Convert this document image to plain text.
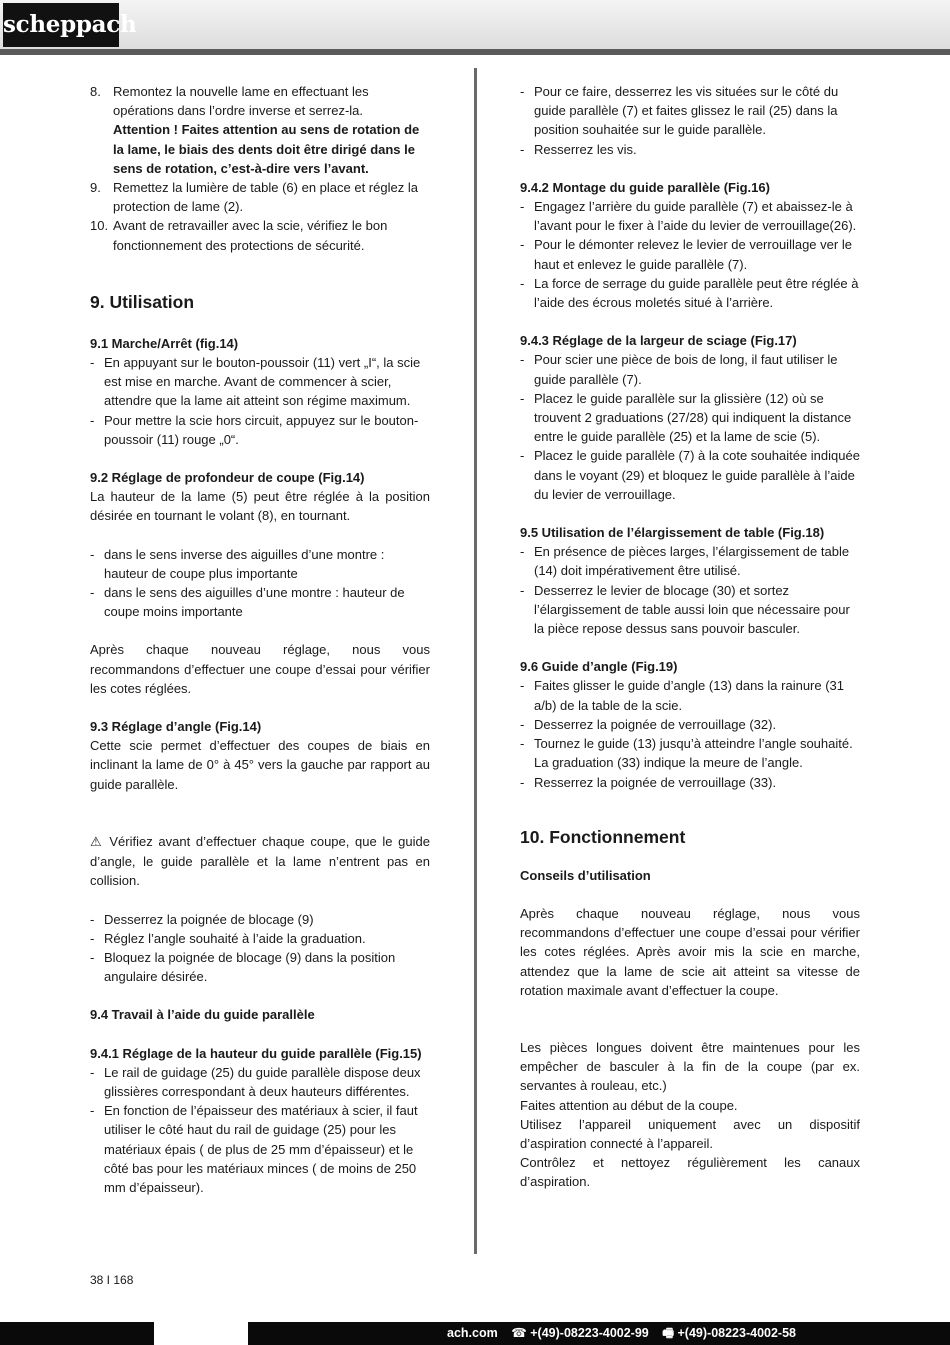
scheppach
8. Remontez la nouvelle lame en effectuant les opérations dans l’ordre inverse et serrez-la.
Attention ! Faites attention au sens de rotation de la lame, le biais des dents doit être dirigé dans le sens de rotation, c’est-à-dire vers l’avant.
9. Remettez la lumière de table (6) en place et réglez la protection de lame (2).
10. Avant de retravailler avec la scie, vérifiez le bon fonctionnement des protections de sécurité.
9. Utilisation
9.1 Marche/Arrêt (fig.14)
- En appuyant sur le bouton-poussoir (11) vert „I“, la scie est mise en marche. Avant de commencer à scier, attendre que la lame ait atteint son régime maximum.
- Pour mettre la scie hors circuit, appuyez sur le bouton-poussoir (11) rouge „0“.
9.2 Réglage de profondeur de coupe (Fig.14)

La hauteur de la lame (5) peut être réglée à la position désirée en tournant le volant (8), en tournant.

- dans le sens inverse des aiguilles d’une montre : hauteur de coupe plus importante
- dans le sens des aiguilles d’une montre : hauteur de coupe moins importante

Après chaque nouveau réglage, nous vous recommandons d’effectuer une coupe d’essai pour vérifier les cotes réglées.

9.3 Réglage d’angle (Fig.14)

Cette scie permet d’effectuer des coupes de biais en inclinant la lame de 0° à 45° vers la gauche par rapport au guide parallèle.

⚠ Vérifiez avant d’effectuer chaque coupe, que le guide d’angle, le guide parallèle et la lame n’entrent pas en collision.

- Desserrez la poignée de blocage (9)
- Réglez l’angle souhaité à l’aide la graduation.
- Bloquez la poignée de blocage (9) dans la position angulaire désirée.
9.4 Travail à l’aide du guide parallèle
9.4.1 Réglage de la hauteur du guide parallèle (Fig.15)
- Le rail de guidage (25) du guide parallèle dispose deux glissières correspondant à deux hauteurs différentes.
- En fonction de l’épaisseur des matériaux à scier, il faut utiliser le côté haut du rail de guidage (25) pour les matériaux épais ( de plus de 25 mm d’épaisseur) et le côté bas pour les matériaux minces ( de moins de 250 mm d’épaisseur).
- Pour ce faire, desserrez les vis situées sur le côté du guide parallèle (7) et faites glissez le rail (25) dans la position souhaitée sur le guide parallèle.
- Resserrez les vis.
9.4.2 Montage du guide parallèle (Fig.16)
- Engagez l’arrière du guide parallèle (7) et abaissez-le à l’avant pour le fixer à l’aide du levier de verrouillage(26).
- Pour le démonter relevez le levier de verrouillage ver le haut et enlevez le guide parallèle (7).
- La force de serrage du guide parallèle peut être réglée à l’aide des écrous moletés situé à l’arrière.
9.4.3 Réglage de la largeur de sciage (Fig.17)
- Pour scier une pièce de bois de long, il faut utiliser le guide parallèle (7).
- Placez le guide parallèle sur la glissière (12) où se trouvent 2 graduations (27/28) qui indiquent la distance entre le guide parallèle (25) et la lame de scie (5).
- Placez le guide parallèle (7) à la cote souhaitée indiquée dans le voyant (29) et bloquez le guide parallèle à l’aide du levier de verrouillage.
9.5 Utilisation de l’élargissement de table (Fig.18)
- En présence de pièces larges, l’élargissement de table (14) doit impérativement être utilisé.
- Desserrez le levier de blocage (30) et sortez l’élargissement de table aussi loin que nécessaire pour la pièce repose dessus sans pouvoir basculer.
9.6 Guide d’angle (Fig.19)
- Faites glisser le guide d’angle (13) dans la rainure (31 a/b) de la table de la scie.
- Desserrez la poignée de verrouillage (32).
- Tournez le guide (13) jusqu’à atteindre l’angle souhaité. La graduation (33) indique la meure de l’angle.
- Resserrez la poignée de verrouillage (33).
10. Fonctionnement
Conseils d’utilisation

Après chaque nouveau réglage, nous vous recommandons d’effectuer une coupe d’essai pour vérifier les cotes réglées. Après avoir mis la scie en marche, attendez que la lame de scie ait atteint sa vitesse de rotation maximale avant d’effectuer la coupe.

Les pièces longues doivent être maintenues pour les empêcher de basculer à la fin de la coupe (par ex. servantes à rouleau, etc.)

Faites attention au début de la coupe.

Utilisez l’appareil uniquement avec un dispositif d’aspiration connecté à l’appareil.

Contrôlez et nettoyez régulièrement les canaux d’aspiration.

38 I 168
ach.com ☎ +(49)-08223-4002-99 🖷 +(49)-08223-4002-58
